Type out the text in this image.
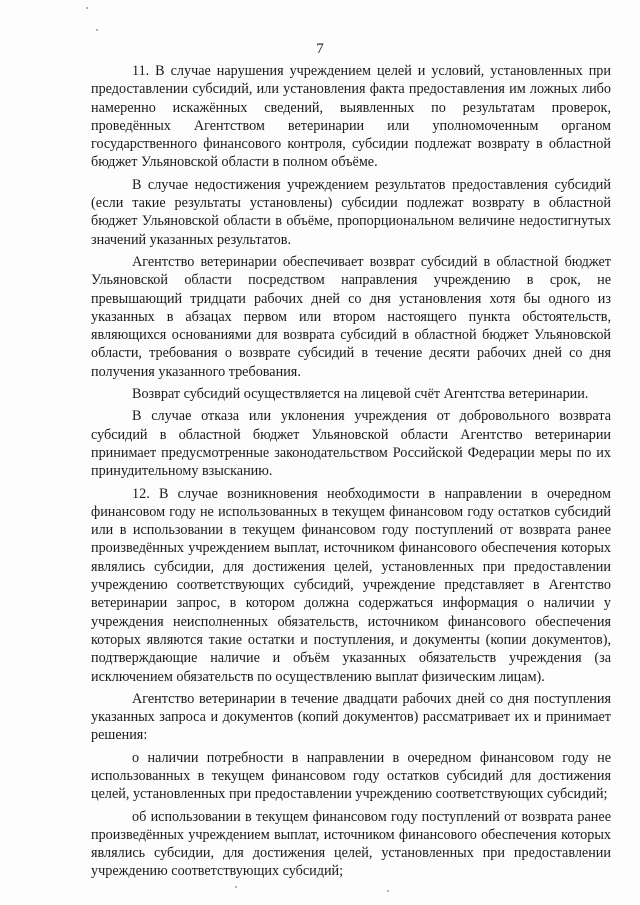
7

11. В случае нарушения учреждением целей и условий, установленных при предоставлении субсидий, или установления факта предоставления им ложных либо намеренно искажённых сведений, выявленных по результатам проверок, проведённых Агентством ветеринарии или уполномоченным органом государственного финансового контроля, субсидии подлежат возврату в областной бюджет Ульяновской области в полном объёме.

В случае недостижения учреждением результатов предоставления субсидий (если такие результаты установлены) субсидии подлежат возврату в областной бюджет Ульяновской области в объёме, пропорциональном величине недостигнутых значений указанных результатов.

Агентство ветеринарии обеспечивает возврат субсидий в областной бюджет Ульяновской области посредством направления учреждению в срок, не превышающий тридцати рабочих дней со дня установления хотя бы одного из указанных в абзацах первом или втором настоящего пункта обстоятельств, являющихся основаниями для возврата субсидий в областной бюджет Ульяновской области, требования о возврате субсидий в течение десяти рабочих дней со дня получения указанного требования.

Возврат субсидий осуществляется на лицевой счёт Агентства ветеринарии.

В случае отказа или уклонения учреждения от добровольного возврата субсидий в областной бюджет Ульяновской области Агентство ветеринарии принимает предусмотренные законодательством Российской Федерации меры по их принудительному взысканию.

12. В случае возникновения необходимости в направлении в очередном финансовом году не использованных в текущем финансовом году остатков субсидий или в использовании в текущем финансовом году поступлений от возврата ранее произведённых учреждением выплат, источником финансового обеспечения которых являлись субсидии, для достижения целей, установленных при предоставлении учреждению соответствующих субсидий, учреждение представляет в Агентство ветеринарии запрос, в котором должна содержаться информация о наличии у учреждения неисполненных обязательств, источником финансового обеспечения которых являются такие остатки и поступления, и документы (копии документов), подтверждающие наличие и объём указанных обязательств учреждения (за исключением обязательств по осуществлению выплат физическим лицам).

Агентство ветеринарии в течение двадцати рабочих дней со дня поступления указанных запроса и документов (копий документов) рассматривает их и принимает решения:

о наличии потребности в направлении в очередном финансовом году не использованных в текущем финансовом году остатков субсидий для достижения целей, установленных при предоставлении учреждению соответствующих субсидий;

об использовании в текущем финансовом году поступлений от возврата ранее произведённых учреждением выплат, источником финансового обеспечения которых являлись субсидии, для достижения целей, установленных при предоставлении учреждению соответствующих субсидий;
